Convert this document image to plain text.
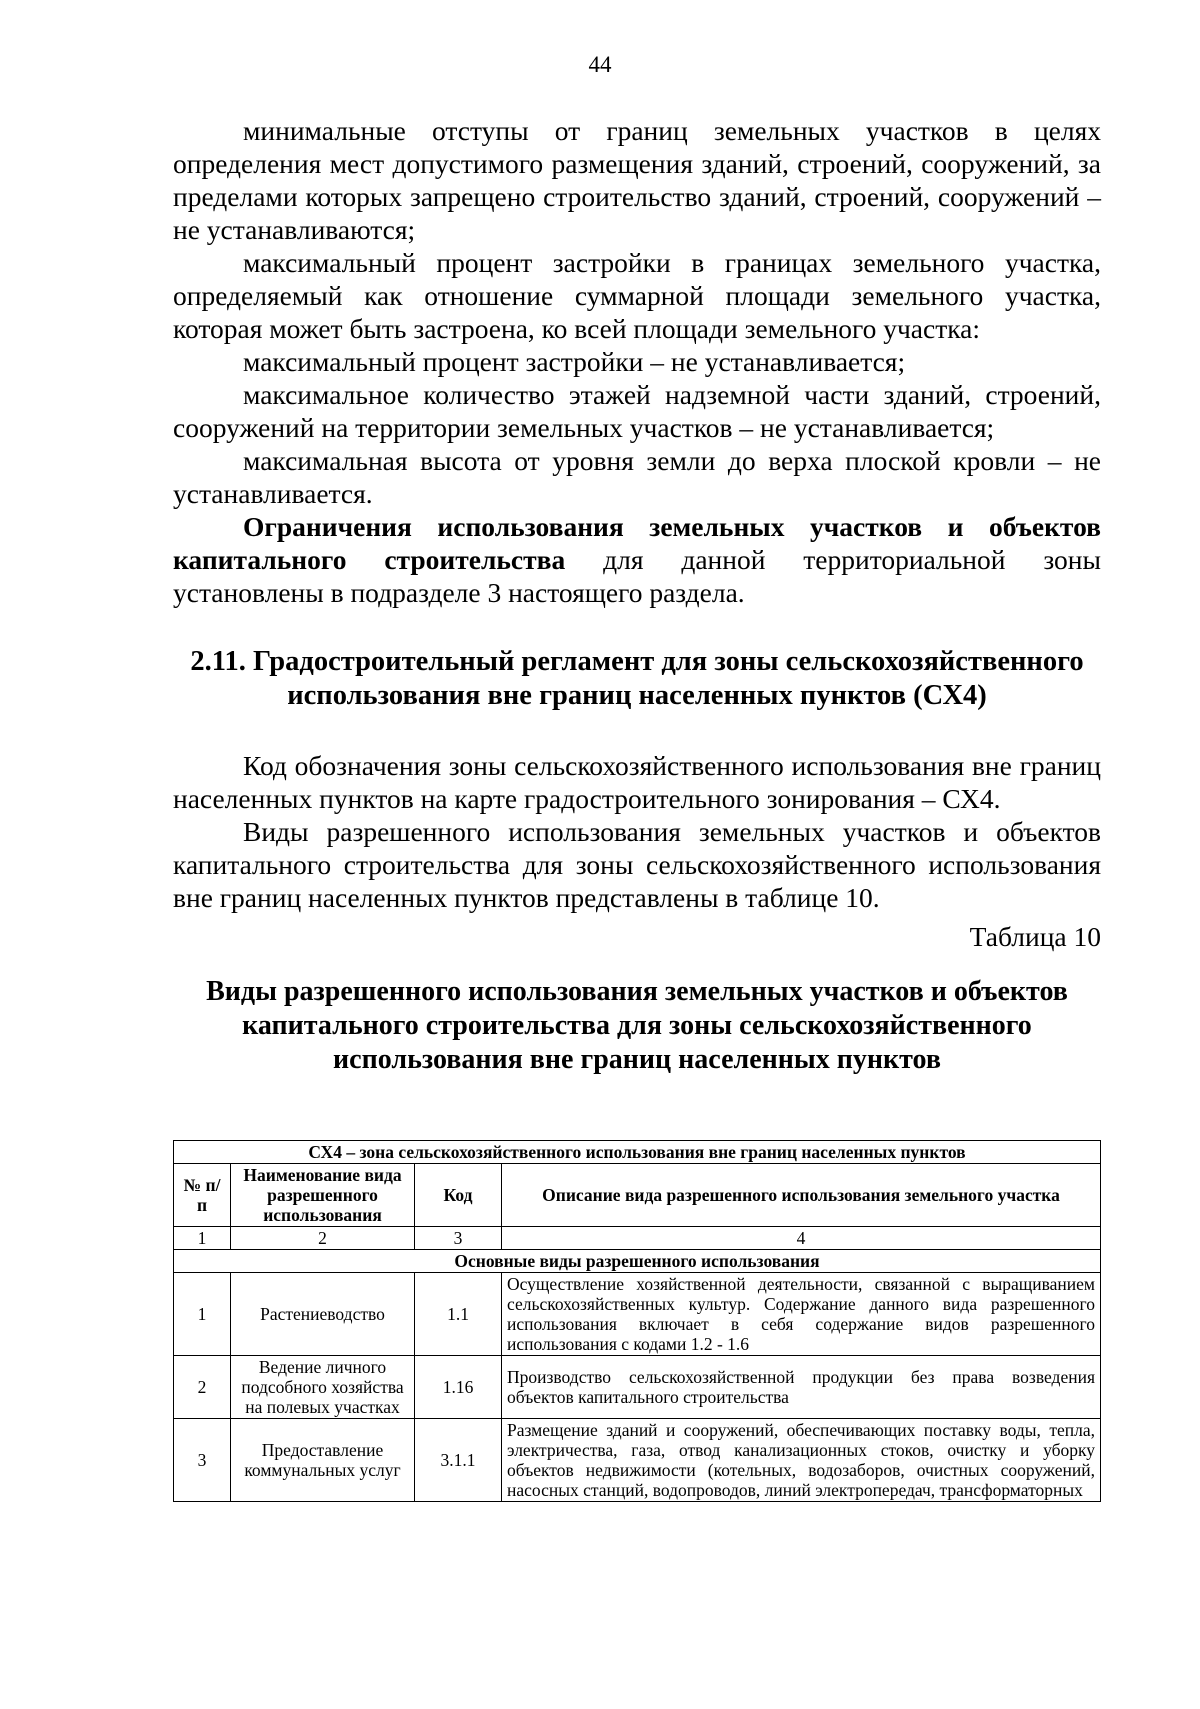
44

минимальные отступы от границ земельных участков в целях определения мест допустимого размещения зданий, строений, сооружений, за пределами которых запрещено строительство зданий, строений, сооружений – не устанавливаются;

максимальный процент застройки в границах земельного участка, определяемый как отношение суммарной площади земельного участка, которая может быть застроена, ко всей площади земельного участка:

максимальный процент застройки – не устанавливается;

максимальное количество этажей надземной части зданий, строений, сооружений на территории земельных участков – не устанавливается;

максимальная высота от уровня земли до верха плоской кровли – не устанавливается.

Ограничения использования земельных участков и объектов капитального строительства для данной территориальной зоны установлены в подразделе 3 настоящего раздела.

2.11. Градостроительный регламент для зоны сельскохозяйственного использования вне границ населенных пунктов (СХ4)

Код обозначения зоны сельскохозяйственного использования вне границ населенных пунктов на карте градостроительного зонирования – СХ4.

Виды разрешенного использования земельных участков и объектов капитального строительства для зоны сельскохозяйственного использования вне границ населенных пунктов представлены в таблице 10.

Таблица 10
Виды разрешенного использования земельных участков и объектов капитального строительства для зоны сельскохозяйственного использования вне границ населенных пунктов
СХ4 – зона сельскохозяйственного использования вне границ населенных пунктов			
№ п/п	Наименование вида разрешенного использования	Код	Описание вида разрешенного использования земельного участка
1	2	3	4
Основные виды разрешенного использования			
1	Растениеводство	1.1	Осуществление хозяйственной деятельности, связанной с выращиванием сельскохозяйственных культур. Содержание данного вида разрешенного использования включает в себя содержание видов разрешенного использования с кодами 1.2 - 1.6
2	Ведение личного подсобного хозяйства на полевых участках	1.16	Производство сельскохозяйственной продукции без права возведения объектов капитального строительства
3	Предоставление коммунальных услуг	3.1.1	Размещение зданий и сооружений, обеспечивающих поставку воды, тепла, электричества, газа, отвод канализационных стоков, очистку и уборку объектов недвижимости (котельных, водозаборов, очистных сооружений, насосных станций, водопроводов, линий электропередач, трансформаторных
